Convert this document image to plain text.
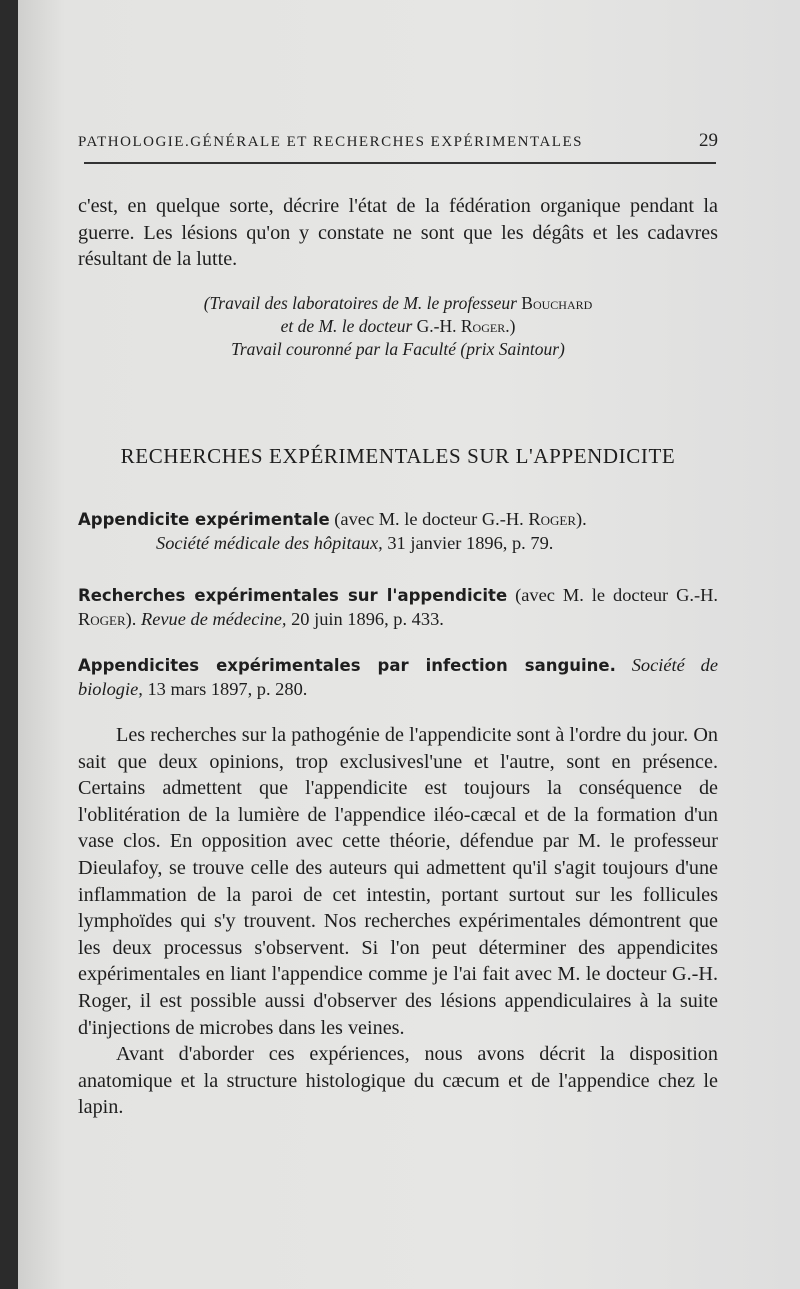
PATHOLOGIE.GÉNÉRALE ET RECHERCHES EXPÉRIMENTALES	29

c'est, en quelque sorte, décrire l'état de la fédération organique pendant la guerre. Les lésions qu'on y constate ne sont que les dégâts et les cadavres résultant de la lutte.

(Travail des laboratoires de M. le professeur Bouchard
et de M. le docteur G.-H. Roger.)
Travail couronné par la Faculté (prix Saintour)
RECHERCHES EXPÉRIMENTALES SUR L'APPENDICITE
Appendicite expérimentale (avec M. le docteur G.-H. Roger).
Société médicale des hôpitaux, 31 janvier 1896, p. 79.
Recherches expérimentales sur l'appendicite (avec M. le docteur G.-H. Roger). Revue de médecine, 20 juin 1896, p. 433.
Appendicites expérimentales par infection sanguine. Société de biologie, 13 mars 1897, p. 280.

Les recherches sur la pathogénie de l'appendicite sont à l'ordre du jour. On sait que deux opinions, trop exclusivesl'une et l'autre, sont en présence. Certains admettent que l'appendicite est toujours la conséquence de l'oblitération de la lumière de l'appendice iléo-cæcal et de la formation d'un vase clos. En opposition avec cette théorie, défendue par M. le professeur Dieulafoy, se trouve celle des auteurs qui admettent qu'il s'agit toujours d'une inflammation de la paroi de cet intestin, portant surtout sur les follicules lymphoïdes qui s'y trouvent. Nos recherches expérimentales démontrent que les deux processus s'observent. Si l'on peut déterminer des appendicites expérimentales en liant l'appendice comme je l'ai fait avec M. le docteur G.-H. Roger, il est possible aussi d'observer des lésions appendiculaires à la suite d'injections de microbes dans les veines.

Avant d'aborder ces expériences, nous avons décrit la disposition anatomique et la structure histologique du cæcum et de l'appendice chez le lapin.
